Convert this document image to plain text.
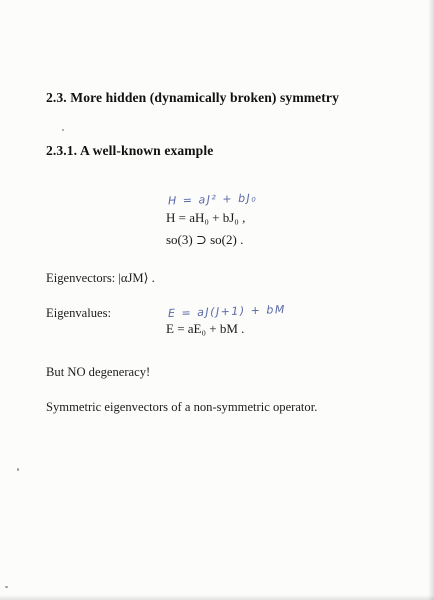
2.3. More hidden (dynamically broken) symmetry
2.3.1. A well-known example
H = aJ² + bJ₀
H = aH₀ + bJ₀ ,
so(3) ⊃ so(2) .
Eigenvectors: |αJM⟩ .
Eigenvalues:	E = aJ(J+1) + bM
E = aE₀ + bM .
But NO degeneracy!
Symmetric eigenvectors of a non-symmetric operator.
